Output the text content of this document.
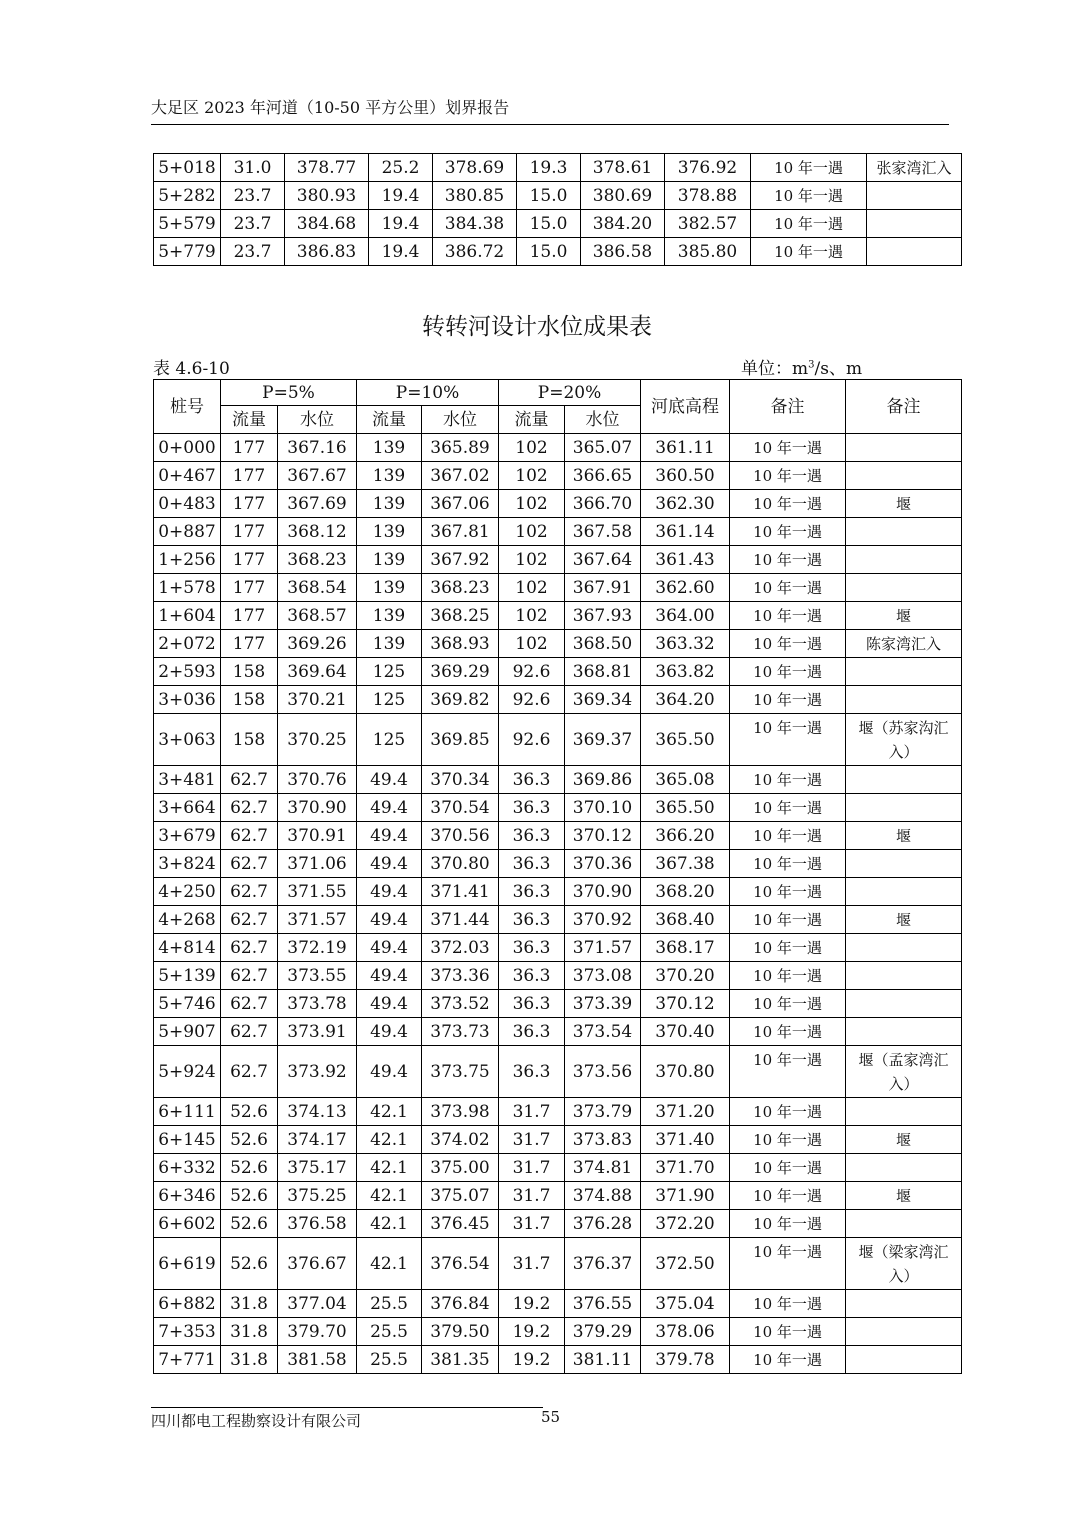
大足区 2023 年河道（10-50 平方公里）划界报告
5+018	31.0	378.77	25.2	378.69	19.3	378.61	376.92	10 年一遇	张家湾汇入
5+282	23.7	380.93	19.4	380.85	15.0	380.69	378.88	10 年一遇	
5+579	23.7	384.68	19.4	384.38	15.0	384.20	382.57	10 年一遇	
5+779	23.7	386.83	19.4	386.72	15.0	386.58	385.80	10 年一遇	
转转河设计水位成果表
表 4.6-10	单位：$m^3/s$、m
桩号	P=5%		P=10%		P=20%		河底高程	备注	备注
	流量	水位	流量	水位	流量	水位			
0+000	177	367.16	139	365.89	102	365.07	361.11	10 年一遇	
0+467	177	367.67	139	367.02	102	366.65	360.50	10 年一遇	
0+483	177	367.69	139	367.06	102	366.70	362.30	10 年一遇	堰
0+887	177	368.12	139	367.81	102	367.58	361.14	10 年一遇	
1+256	177	368.23	139	367.92	102	367.64	361.43	10 年一遇	
1+578	177	368.54	139	368.23	102	367.91	362.60	10 年一遇	
1+604	177	368.57	139	368.25	102	367.93	364.00	10 年一遇	堰
2+072	177	369.26	139	368.93	102	368.50	363.32	10 年一遇	陈家湾汇入
2+593	158	369.64	125	369.29	92.6	368.81	363.82	10 年一遇	
3+036	158	370.21	125	369.82	92.6	369.34	364.20	10 年一遇	
3+063	158	370.25	125	369.85	92.6	369.37	365.50	10 年一遇	堰（苏家沟汇入）
3+481	62.7	370.76	49.4	370.34	36.3	369.86	365.08	10 年一遇	
3+664	62.7	370.90	49.4	370.54	36.3	370.10	365.50	10 年一遇	
3+679	62.7	370.91	49.4	370.56	36.3	370.12	366.20	10 年一遇	堰
3+824	62.7	371.06	49.4	370.80	36.3	370.36	367.38	10 年一遇	
4+250	62.7	371.55	49.4	371.41	36.3	370.90	368.20	10 年一遇	
4+268	62.7	371.57	49.4	371.44	36.3	370.92	368.40	10 年一遇	堰
4+814	62.7	372.19	49.4	372.03	36.3	371.57	368.17	10 年一遇	
5+139	62.7	373.55	49.4	373.36	36.3	373.08	370.20	10 年一遇	
5+746	62.7	373.78	49.4	373.52	36.3	373.39	370.12	10 年一遇	
5+907	62.7	373.91	49.4	373.73	36.3	373.54	370.40	10 年一遇	
5+924	62.7	373.92	49.4	373.75	36.3	373.56	370.80	10 年一遇	堰（孟家湾汇入）
6+111	52.6	374.13	42.1	373.98	31.7	373.79	371.20	10 年一遇	
6+145	52.6	374.17	42.1	374.02	31.7	373.83	371.40	10 年一遇	堰
6+332	52.6	375.17	42.1	375.00	31.7	374.81	371.70	10 年一遇	
6+346	52.6	375.25	42.1	375.07	31.7	374.88	371.90	10 年一遇	堰
6+602	52.6	376.58	42.1	376.45	31.7	376.28	372.20	10 年一遇	
6+619	52.6	376.67	42.1	376.54	31.7	376.37	372.50	10 年一遇	堰（梁家湾汇入）
6+882	31.8	377.04	25.5	376.84	19.2	376.55	375.04	10 年一遇	
7+353	31.8	379.70	25.5	379.50	19.2	379.29	378.06	10 年一遇	
7+771	31.8	381.58	25.5	381.35	19.2	381.11	379.78	10 年一遇	
四川都电工程勘察设计有限公司	55
